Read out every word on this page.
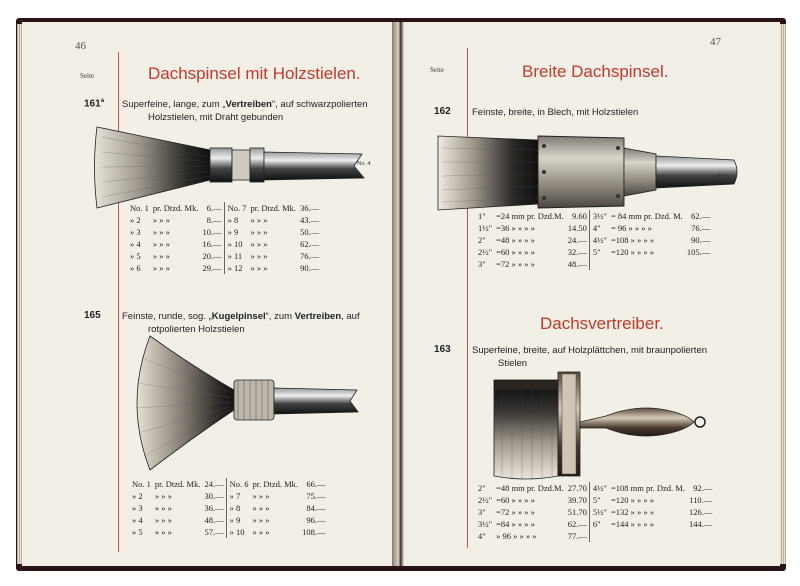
46
Seite	Dachspinsel mit Holzstielen.
161$^a$ Superfeine, lange, zum „Vertreiben“, auf schwarzpolierten
Holzstielen, mit Draht gebunden
No. 4
No. 1	pr. Dtzd. Mk.	6.—	No. 7	pr. Dtzd. Mk.	36.—
» 2	» » »	8.—	» 8	» » »	43.—
» 3	» » »	10.—	» 9	» » »	50.—
» 4	» » »	16.—	» 10	» » »	62.—
» 5	» » »	20.—	» 11	» » »	76.—
» 6	» » »	29.—	» 12	» » »	90.—
165 Feinste, runde, sog. „Kugelpinsel“, zum Vertreiben, auf
rotpolierten Holzstielen
No. 1	pr. Dtzd. Mk.	24.—	No. 6	pr. Dtzd. Mk.	66.—
» 2	» » »	30.—	» 7	» » »	75.—
» 3	» » »	36.—	» 8	» » »	84.—
» 4	» » »	48.—	» 9	» » »	96.—
» 5	» » »	57.—	» 10	» » »	108.—
47
Seite	Breite Dachspinsel.
162 Feinste, breite, in Blech, mit Holzstielen
1"
1"	=24 mm pr. Dzd.M.	9.60	3½"	= 84 mm pr. Dzd. M.	62.—
1½"	=36 » » » »	14.50	4"	= 96 » » » »	76.—
2"	=48 » » » »	24.—	4½"	=108 » » » »	90.—
2½"	=60 » » » »	32.—	5"	=120 » » » »	105.—
3"	=72 » » » »	48.—			
Dachsvertreiber.
163 Superfeine, breite, auf Holzplättchen, mit braunpolierten
Stielen
2"	=48 mm pr. Dzd.M.	27.70	4½"	=108 mm pr. Dzd. M.	92.—
2½"	=60 » » » »	39.70	5"	=120 » » » »	110.—
3"	=72 » » » »	51.70	5½"	=132 » » » »	126.—
3½"	=84 » » » »	62.—	6"	=144 » » » »	144.—
4"	» 96 » » » »	77.—			
